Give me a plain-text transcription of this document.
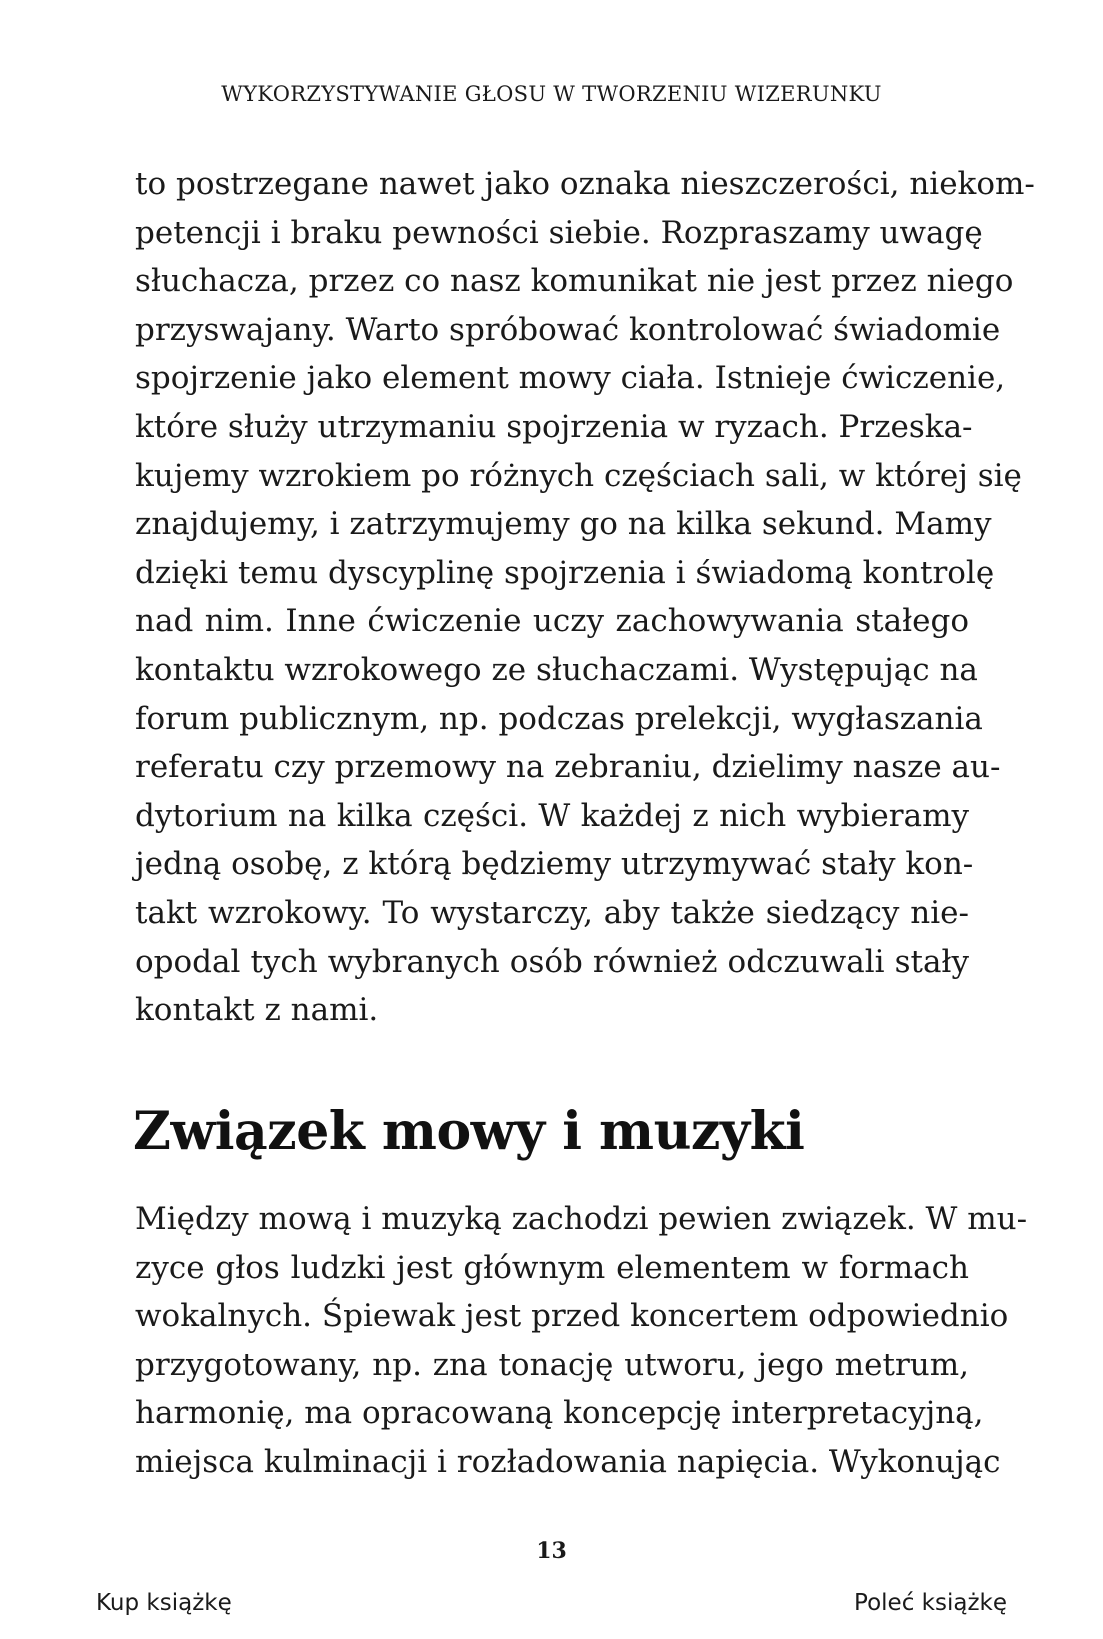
WYKORZYSTYWANIE GŁOSU W TWORZENIU WIZERUNKU
to postrzegane nawet jako oznaka nieszczerości, niekom-
petencji i braku pewności siebie. Rozpraszamy uwagę
słuchacza, przez co nasz komunikat nie jest przez niego
przyswajany. Warto spróbować kontrolować świadomie
spojrzenie jako element mowy ciała. Istnieje ćwiczenie,
które służy utrzymaniu spojrzenia w ryzach. Przeska-
kujemy wzrokiem po różnych częściach sali, w której się
znajdujemy, i zatrzymujemy go na kilka sekund. Mamy
dzięki temu dyscyplinę spojrzenia i świadomą kontrolę
nad nim. Inne ćwiczenie uczy zachowywania stałego
kontaktu wzrokowego ze słuchaczami. Występując na
forum publicznym, np. podczas prelekcji, wygłaszania
referatu czy przemowy na zebraniu, dzielimy nasze au-
dytorium na kilka części. W każdej z nich wybieramy
jedną osobę, z którą będziemy utrzymywać stały kon-
takt wzrokowy. To wystarczy, aby także siedzący nie-
opodal tych wybranych osób również odczuwali stały
kontakt z nami.
Związek mowy i muzyki
Między mową i muzyką zachodzi pewien związek. W mu-
zyce głos ludzki jest głównym elementem w formach
wokalnych. Śpiewak jest przed koncertem odpowiednio
przygotowany, np. zna tonację utworu, jego metrum,
harmonię, ma opracowaną koncepcję interpretacyjną,
miejsca kulminacji i rozładowania napięcia. Wykonując
13
Kup książkę	Poleć książkę
